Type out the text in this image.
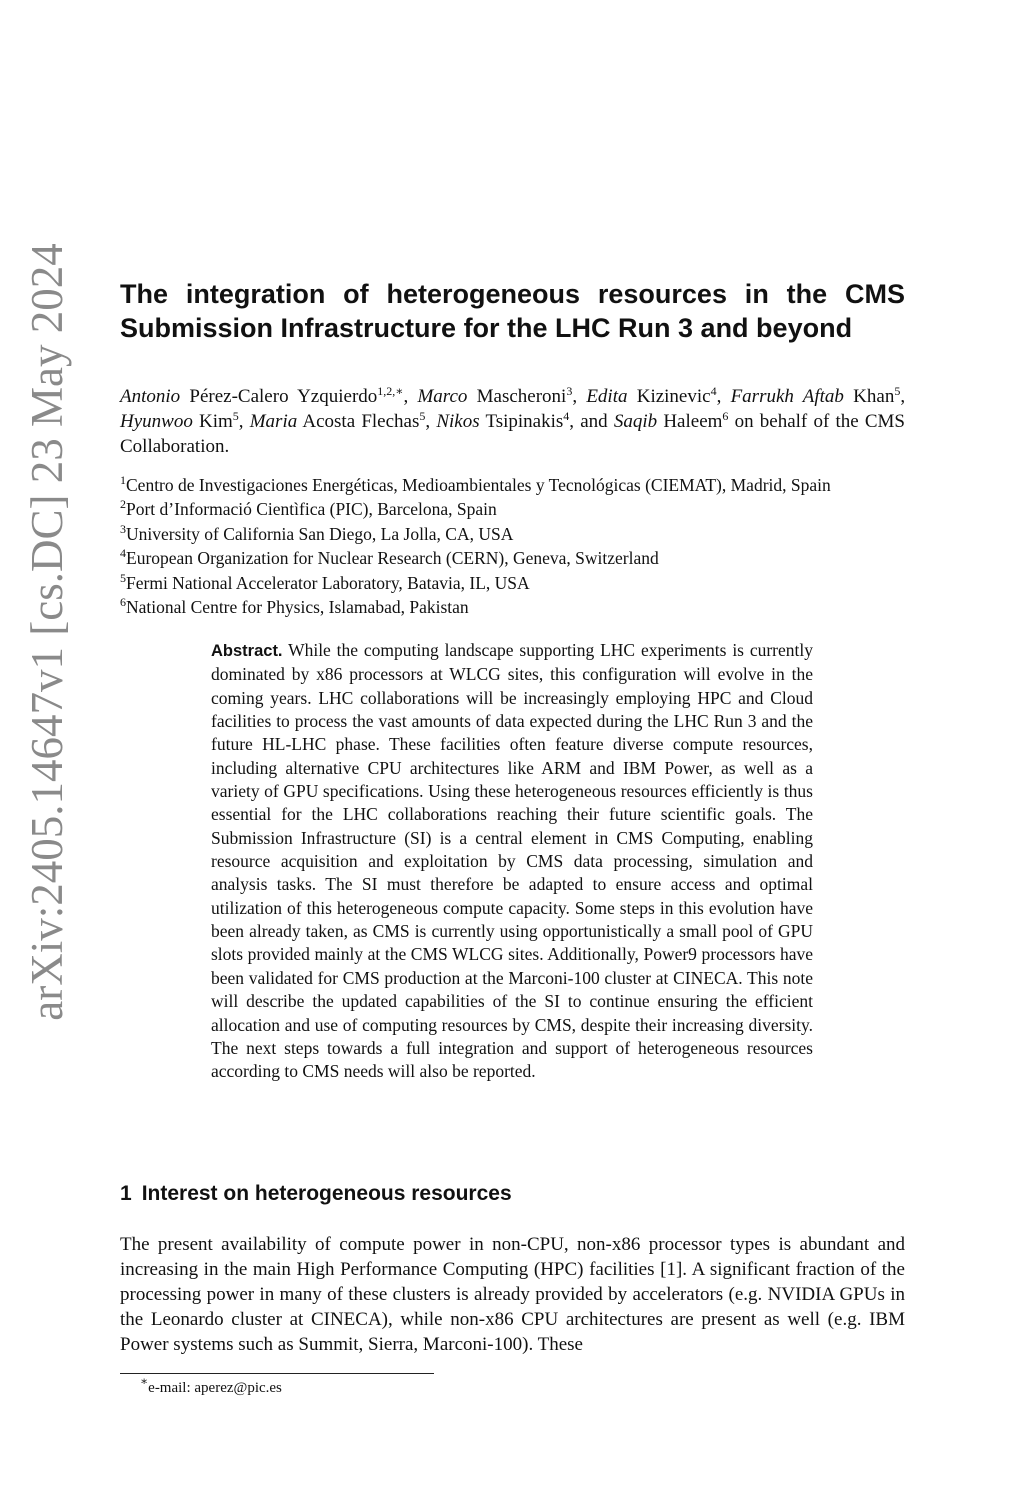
arXiv:2405.14647v1 [cs.DC] 23 May 2024 The integration of heterogeneous resources in the CMS
Submission Infrastructure for the LHC Run 3 and beyond
Antonio Pérez-Calero Yzquierdo$^{1,2,∗}$, Marco Mascheroni$^3$, Edita Kizinevic$^4$, Farrukh Aftab Khan$^5$, Hyunwoo Kim$^5$, Maria Acosta Flechas$^5$, Nikos Tsipinakis$^4$, and Saqib Haleem$^6$ on behalf of the CMS Collaboration.
$^1$Centro de Investigaciones Energéticas, Medioambientales y Tecnológicas (CIEMAT), Madrid, Spain
$^2$Port d’Informació Cientìfica (PIC), Barcelona, Spain
$^3$University of California San Diego, La Jolla, CA, USA
$^4$European Organization for Nuclear Research (CERN), Geneva, Switzerland
$^5$Fermi National Accelerator Laboratory, Batavia, IL, USA
$^6$National Centre for Physics, Islamabad, Pakistan
Abstract. While the computing landscape supporting LHC experiments is currently dominated by x86 processors at WLCG sites, this configuration will evolve in the coming years. LHC collaborations will be increasingly employing HPC and Cloud facilities to process the vast amounts of data expected during the LHC Run 3 and the future HL-LHC phase. These facilities often feature diverse compute resources, including alternative CPU architectures like ARM and IBM Power, as well as a variety of GPU specifications. Using these heterogeneous resources efficiently is thus essential for the LHC collaborations reaching their future scientific goals. The Submission Infrastructure (SI) is a central element in CMS Computing, enabling resource acquisition and exploitation by CMS data processing, simulation and analysis tasks. The SI must therefore be adapted to ensure access and optimal utilization of this heterogeneous compute capacity. Some steps in this evolution have been already taken, as CMS is currently using opportunistically a small pool of GPU slots provided mainly at the CMS WLCG sites. Additionally, Power9 processors have been validated for CMS production at the Marconi-100 cluster at CINECA. This note will describe the updated capabilities of the SI to continue ensuring the efficient allocation and use of computing resources by CMS, despite their increasing diversity. The next steps towards a full integration and support of heterogeneous resources according to CMS needs will also be reported.
1 Interest on heterogeneous resources
The present availability of compute power in non-CPU, non-x86 processor types is abundant and increasing in the main High Performance Computing (HPC) facilities [1]. A significant fraction of the processing power in many of these clusters is already provided by accelerators (e.g. NVIDIA GPUs in the Leonardo cluster at CINECA), while non-x86 CPU architectures are present as well (e.g. IBM Power systems such as Summit, Sierra, Marconi-100). These
∗e-mail: aperez@pic.es
